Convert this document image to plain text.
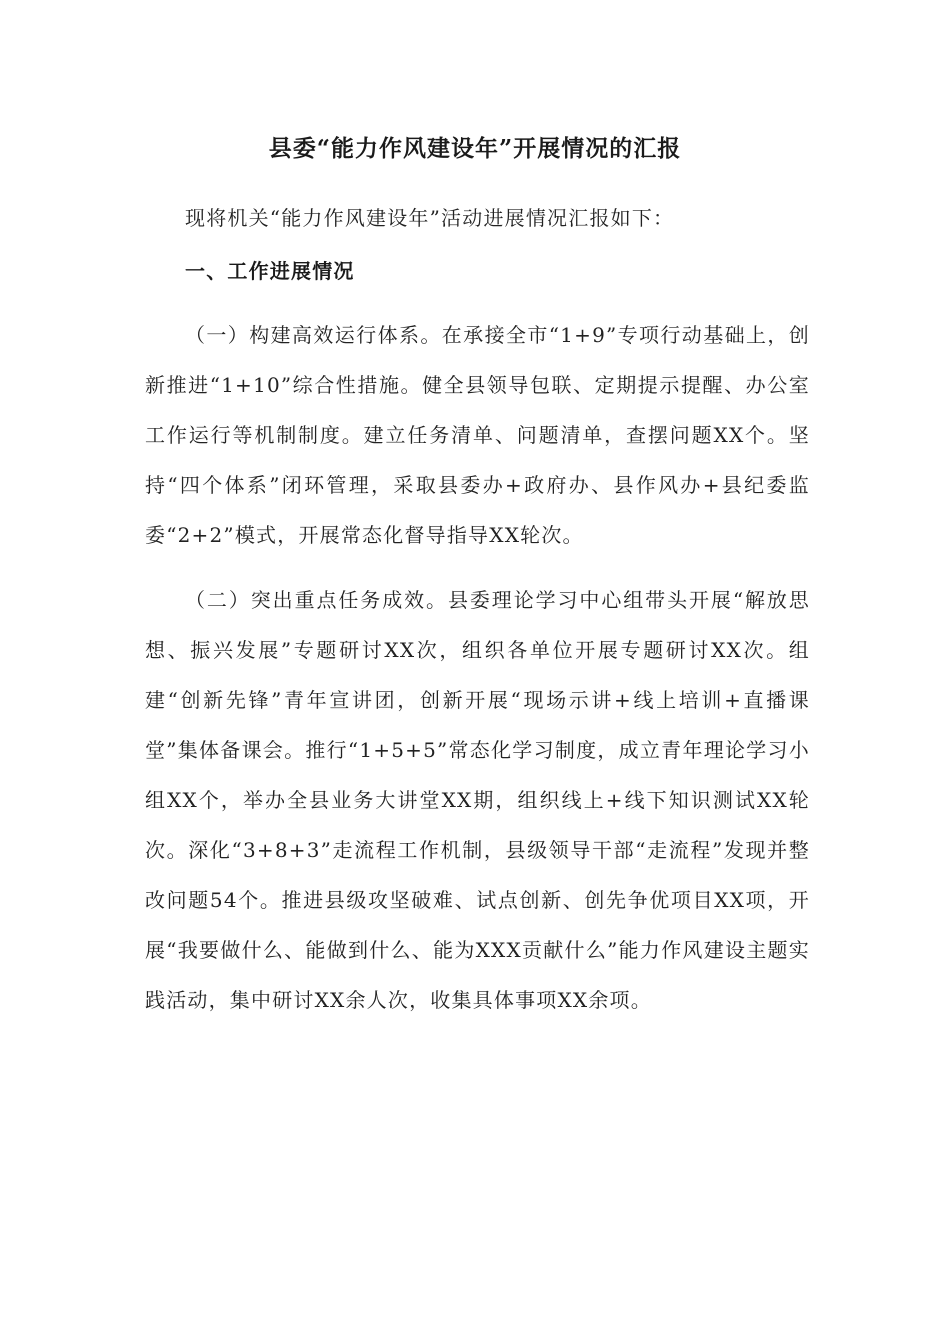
县委“能力作风建设年”开展情况的汇报

现将机关“能力作风建设年”活动进展情况汇报如下：

一、工作进展情况

（一）构建高效运行体系。在承接全市“1+9”专项行动基础上，创新推进“1+10”综合性措施。健全县领导包联、定期提示提醒、办公室工作运行等机制制度。建立任务清单、问题清单，查摆问题XX个。坚持“四个体系”闭环管理，采取县委办+政府办、县作风办+县纪委监委“2+2”模式，开展常态化督导指导XX轮次。

（二）突出重点任务成效。县委理论学习中心组带头开展“解放思想、振兴发展”专题研讨XX次，组织各单位开展专题研讨XX次。组建“创新先锋”青年宣讲团，创新开展“现场示讲+线上培训+直播课堂”集体备课会。推行“1+5+5”常态化学习制度，成立青年理论学习小组XX个，举办全县业务大讲堂XX期，组织线上+线下知识测试XX轮次。深化“3+8+3”走流程工作机制，县级领导干部“走流程”发现并整改问题54个。推进县级攻坚破难、试点创新、创先争优项目XX项，开展“我要做什么、能做到什么、能为XXX贡献什么”能力作风建设主题实践活动，集中研讨XX余人次，收集具体事项XX余项。
